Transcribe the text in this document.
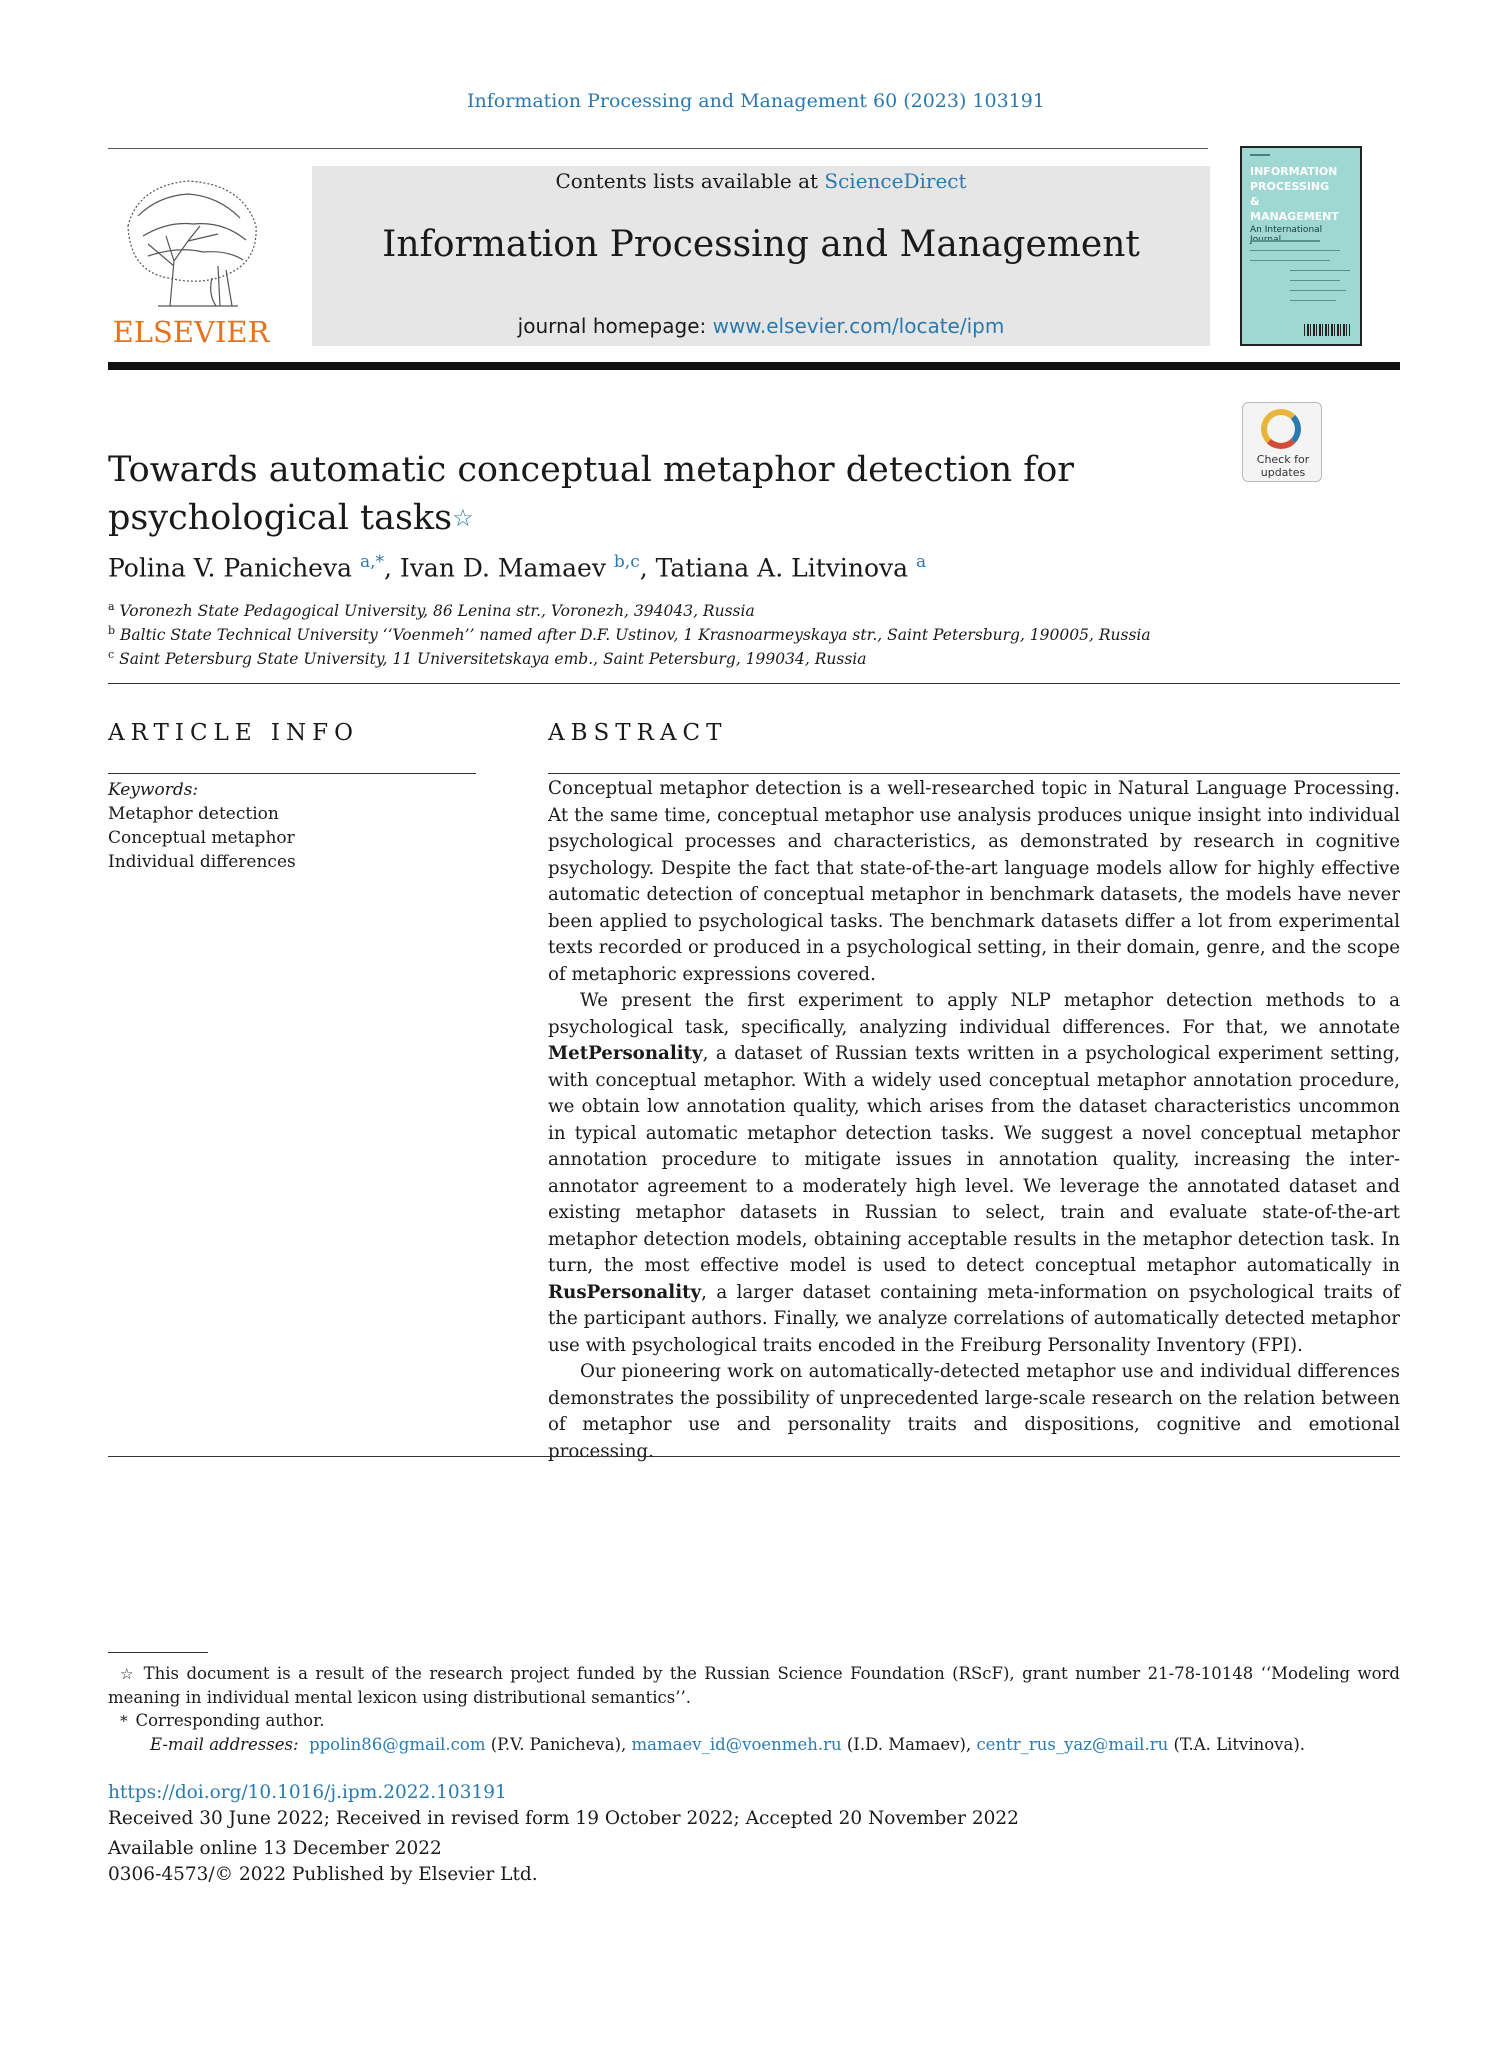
Information Processing and Management 60 (2023) 103191
ELSEVIER
Contents lists available at ScienceDirect
Information Processing and Management
journal homepage: www.elsevier.com/locate/ipm
INFORMATION
PROCESSING
&
MANAGEMENT
An International
Check for updates
Towards automatic conceptual metaphor detection for
psychological tasks☆
Polina V. Panicheva $^{a,*}$, Ivan D. Mamaev $^{b,c}$, Tatiana A. Litvinova $^a$
$^a$ Voronezh State Pedagogical University, 86 Lenina str., Voronezh, 394043, Russia
$^b$ Baltic State Technical University ‘‘Voenmeh’’ named after D.F. Ustinov, 1 Krasnoarmeyskaya str., Saint Petersburg, 190005, Russia
$^c$ Saint Petersburg State University, 11 Universitetskaya emb., Saint Petersburg, 199034, Russia
ARTICLE INFO
Keywords:
Metaphor detection
Conceptual metaphor
Individual differences
ABSTRACT

Conceptual metaphor detection is a well-researched topic in Natural Language Processing. At the same time, conceptual metaphor use analysis produces unique insight into individual psychological processes and characteristics, as demonstrated by research in cognitive psychology. Despite the fact that state-of-the-art language models allow for highly effective automatic detection of conceptual metaphor in benchmark datasets, the models have never been applied to psychological tasks. The benchmark datasets differ a lot from experimental texts recorded or produced in a psychological setting, in their domain, genre, and the scope of metaphoric expressions covered.

We present the first experiment to apply NLP metaphor detection methods to a psychological task, specifically, analyzing individual differences. For that, we annotate MetPersonality, a dataset of Russian texts written in a psychological experiment setting, with conceptual metaphor. With a widely used conceptual metaphor annotation procedure, we obtain low annotation quality, which arises from the dataset characteristics uncommon in typical automatic metaphor detection tasks. We suggest a novel conceptual metaphor annotation procedure to mitigate issues in annotation quality, increasing the inter-annotator agreement to a moderately high level. We leverage the annotated dataset and existing metaphor datasets in Russian to select, train and evaluate state-of-the-art metaphor detection models, obtaining acceptable results in the metaphor detection task. In turn, the most effective model is used to detect conceptual metaphor automatically in RusPersonality, a larger dataset containing meta-information on psychological traits of the participant authors. Finally, we analyze correlations of automatically detected metaphor use with psychological traits encoded in the Freiburg Personality Inventory (FPI).

Our pioneering work on automatically-detected metaphor use and individual differences demonstrates the possibility of unprecedented large-scale research on the relation between of metaphor use and personality traits and dispositions, cognitive and emotional processing.

☆ This document is a result of the research project funded by the Russian Science Foundation (RScF), grant number 21-78-10148 ‘‘Modeling word meaning in individual mental lexicon using distributional semantics’’.

* Corresponding author.

E-mail addresses: ppolin86@gmail.com (P.V. Panicheva), mamaev_id@voenmeh.ru (I.D. Mamaev), centr_rus_yaz@mail.ru (T.A. Litvinova).

https://doi.org/10.1016/j.ipm.2022.103191
Received 30 June 2022; Received in revised form 19 October 2022; Accepted 20 November 2022
Available online 13 December 2022
0306-4573/© 2022 Published by Elsevier Ltd.
